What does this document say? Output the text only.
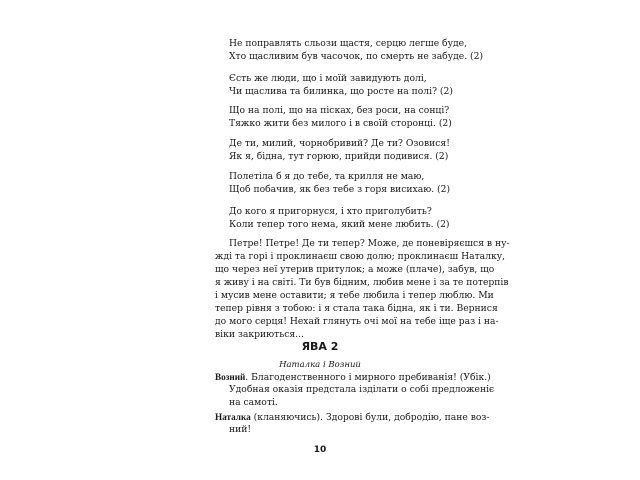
Не поправлять сльози щастя, серцю легше буде,
Хто щасливим був часочок, по смерть не забуде. (2)
Єсть же люди, що і моїй завидують долі,
Чи щаслива та билинка, що росте на полі? (2)
Що на полі, що на пісках, без роси, на сонці?
Тяжко жити без милого і в своїй сторонці. (2)
Де ти, милий, чорнобривий? Де ти? Озовися!
Як я, бідна, тут горюю, прийди подивися. (2)
Полетіла б я до тебе, та крилля не маю,
Щоб побачив, як без тебе з горя висихаю. (2)
До кого я пригорнуся, і хто приголубить?
Коли тепер того нема, який мене любить. (2)
Петре! Петре! Де ти тепер? Може, де поневіряєшся в ну-
жді та горі і проклинаєш свою долю; проклинаєш Наталку,
що через неї утерив притулок; а може (плаче), забув, що
я живу і на світі. Ти був бідним, любив мене і за те потерпів
і мусив мене оставити; я тебе любила і тепер люблю. Ми
тепер рівня з тобою: і я стала така бідна, як і ти. Вернися
до мого серця! Нехай глянуть очі мої на тебе іще раз і на-
віки закриються...
ЯВА 2
Наталка і Возний
Возний. Благоденственного і мирного пребиванія! (Убік.)
Удобная оказія предстала ізділати о собі предложеніє
на самоті.
Наталка (кланяючись). Здорові були, добродію, пане воз-
ний!
10
